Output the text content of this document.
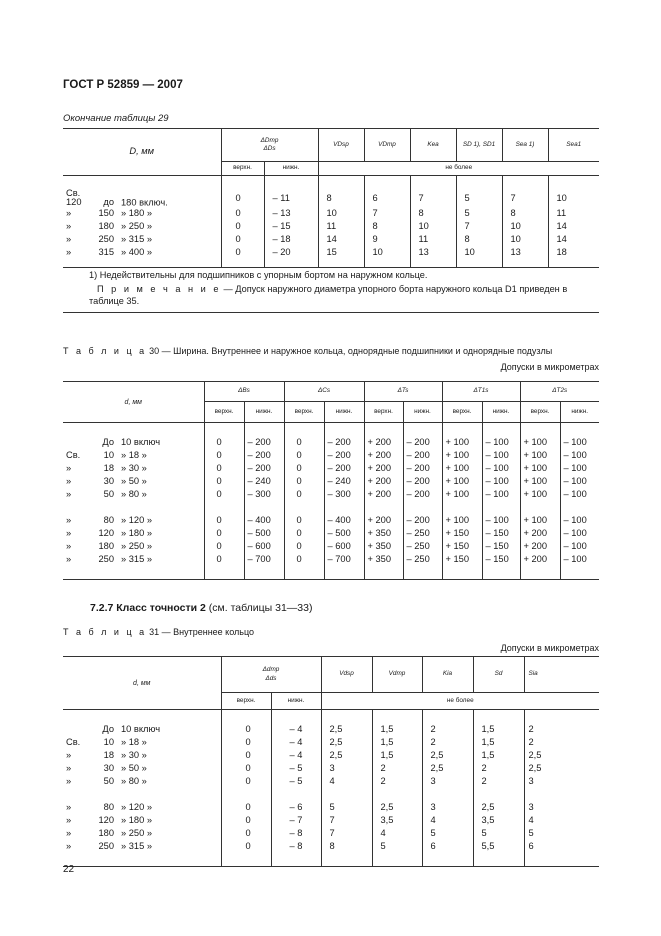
ГОСТ Р 52859 — 2007
Окончание таблицы 29
D, мм	ΔDmp
ΔDs		VDsp	VDmp	Kea	SD 1), SD1	Sea 1)	Sea1
	верхн.	нижн.	не более					

Св. 120 до 180 включ.	0	– 11	8	6	7	5	7	10
» 150 » 180 »	0	– 13	10	7	8	5	8	11
» 180 » 250 »	0	– 15	11	8	10	7	10	14
» 250 » 315 »	0	– 18	14	9	11	8	10	14
» 315 » 400 »	0	– 20	15	10	13	10	13	18

1) Недействительны для подшипников с упорным бортом на наружном кольце.								
П р и м е ч а н и е — Допуск наружного диаметра упорного борта наружного кольца D1 приведен в								
таблице 35.								
Т а б л и ц а 30 — Ширина. Внутреннее и наружное кольца, однорядные подшипники и однорядные подузлы
Допуски в микрометрах
d, мм	ΔBs		ΔCs		ΔTs		ΔT1s		ΔT2s	
	верхн.	нижн.	верхн.	нижн.	верхн.	нижн.	верхн.	нижн.	верхн.	нижн.

До 10 включ	0	– 200	0	– 200	+ 200	– 200	+ 100	– 100	+ 100	– 100
Св. 10 » 18 »	0	– 200	0	– 200	+ 200	– 200	+ 100	– 100	+ 100	– 100
» 18 » 30 »	0	– 200	0	– 200	+ 200	– 200	+ 100	– 100	+ 100	– 100
» 30 » 50 »	0	– 240	0	– 240	+ 200	– 200	+ 100	– 100	+ 100	– 100
» 50 » 80 »	0	– 300	0	– 300	+ 200	– 200	+ 100	– 100	+ 100	– 100

» 80 » 120 »	0	– 400	0	– 400	+ 200	– 200	+ 100	– 100	+ 100	– 100
» 120 » 180 »	0	– 500	0	– 500	+ 350	– 250	+ 150	– 150	+ 200	– 100
» 180 » 250 »	0	– 600	0	– 600	+ 350	– 250	+ 150	– 150	+ 200	– 100
» 250 » 315 »	0	– 700	0	– 700	+ 350	– 250	+ 150	– 150	+ 200	– 100

7.2.7 Класс точности 2 (см. таблицы 31—33)
Т а б л и ц а 31 — Внутреннее кольцо
Допуски в микрометрах
d, мм	Δdmp
Δds		Vdsp	Vdmp	Kia	Sd	Sia
	верхн.	нижн.	не более				

До 10 включ	0	– 4	2,5	1,5	2	1,5	2
Св. 10 » 18 »	0	– 4	2,5	1,5	2	1,5	2
» 18 » 30 »	0	– 4	2,5	1,5	2,5	1,5	2,5
» 30 » 50 »	0	– 5	3	2	2,5	2	2,5
» 50 » 80 »	0	– 5	4	2	3	2	3

» 80 » 120 »	0	– 6	5	2,5	3	2,5	3
» 120 » 180 »	0	– 7	7	3,5	4	3,5	4
» 180 » 250 »	0	– 8	7	4	5	5	5
» 250 » 315 »	0	– 8	8	5	6	5,5	6

22
